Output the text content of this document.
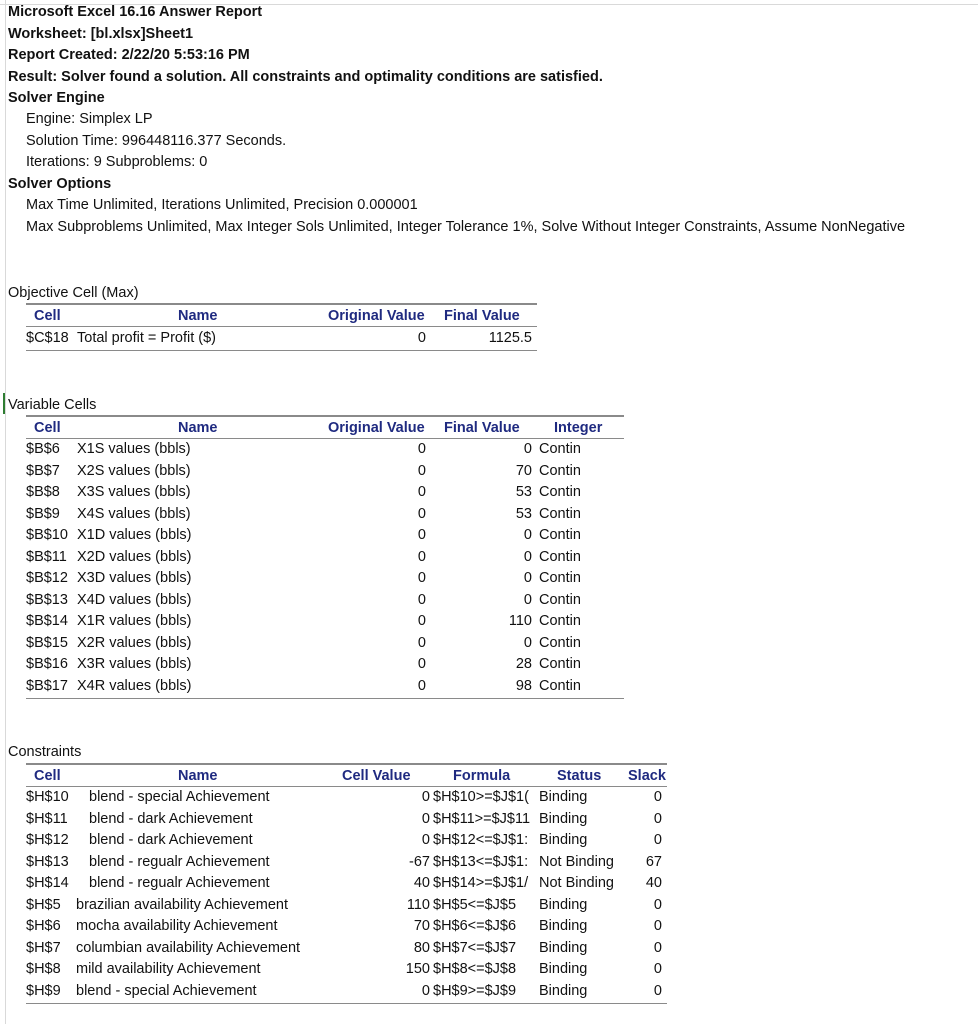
Microsoft Excel 16.16 Answer Report
Worksheet: [bl.xlsx]Sheet1
Report Created: 2/22/20 5:53:16 PM
Result: Solver found a solution. All constraints and optimality conditions are satisfied.
Solver Engine
Engine: Simplex LP
Solution Time: 996448116.377 Seconds.
Iterations: 9 Subproblems: 0
Solver Options
Max Time Unlimited, Iterations Unlimited, Precision 0.000001
Max Subproblems Unlimited, Max Integer Sols Unlimited, Integer Tolerance 1%, Solve Without Integer Constraints, Assume NonNegative
Objective Cell (Max)
Cell	Name	Original Value Final Value
$C$18 Total profit = Profit ($)	0	1125.5
Variable Cells
Cell	Name	Original Value Final Value Integer
$B$6 X1S values (bbls)	0	0 Contin
$B$7 X2S values (bbls)	0	70 Contin
$B$8 X3S values (bbls)	0	53 Contin
$B$9 X4S values (bbls)	0	53 Contin
$B$10 X1D values (bbls)	0	0 Contin
$B$11 X2D values (bbls)	0	0 Contin
$B$12 X3D values (bbls)	0	0 Contin
$B$13 X4D values (bbls)	0	0 Contin
$B$14 X1R values (bbls)	0	110 Contin
$B$15 X2R values (bbls)	0	0 Contin
$B$16 X3R values (bbls)	0	28 Contin
$B$17 X4R values (bbls)	0	98 Contin
Constraints
Cell	Name	Cell Value	Formula	Status Slack
$H$10 blend - special Achievement	0 $H$10>=$J$1( Binding	0
$H$11 blend - dark Achievement	0 $H$11>=$J$11 Binding	0
$H$12 blend - dark Achievement	0 $H$12<=$J$1: Binding	0
$H$13 blend - regualr Achievement	-67 $H$13<=$J$1: Not Binding	67
$H$14 blend - regualr Achievement	40 $H$14>=$J$1/ Not Binding	40
$H$5 brazilian availability Achievement	110 $H$5<=$J$5	Binding	0
$H$6 mocha availability Achievement	70 $H$6<=$J$6	Binding	0
$H$7 columbian availability Achievement	80 $H$7<=$J$7	Binding	0
$H$8 mild availability Achievement	150 $H$8<=$J$8	Binding	0
$H$9 blend - special Achievement	0 $H$9>=$J$9	Binding	0
